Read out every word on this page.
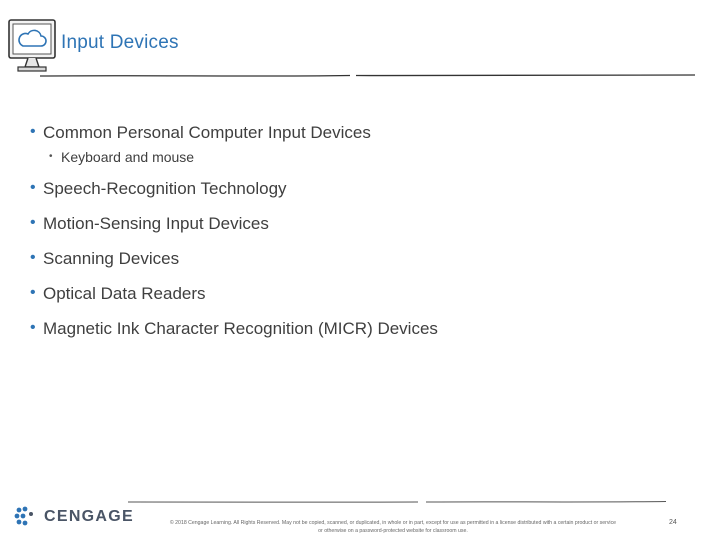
Input Devices
• Common Personal Computer Input Devices
• Keyboard and mouse
• Speech-Recognition Technology
• Motion-Sensing Input Devices
• Scanning Devices
• Optical Data Readers
• Magnetic Ink Character Recognition (MICR) Devices
CENGAGE	© 2018 Cengage Learning. All Rights Reserved. May not be copied, scanned, or duplicated, in whole or in part, except for use as permitted in a license distributed with a certain product or service
or otherwise on a password-protected website for classroom use.
24
